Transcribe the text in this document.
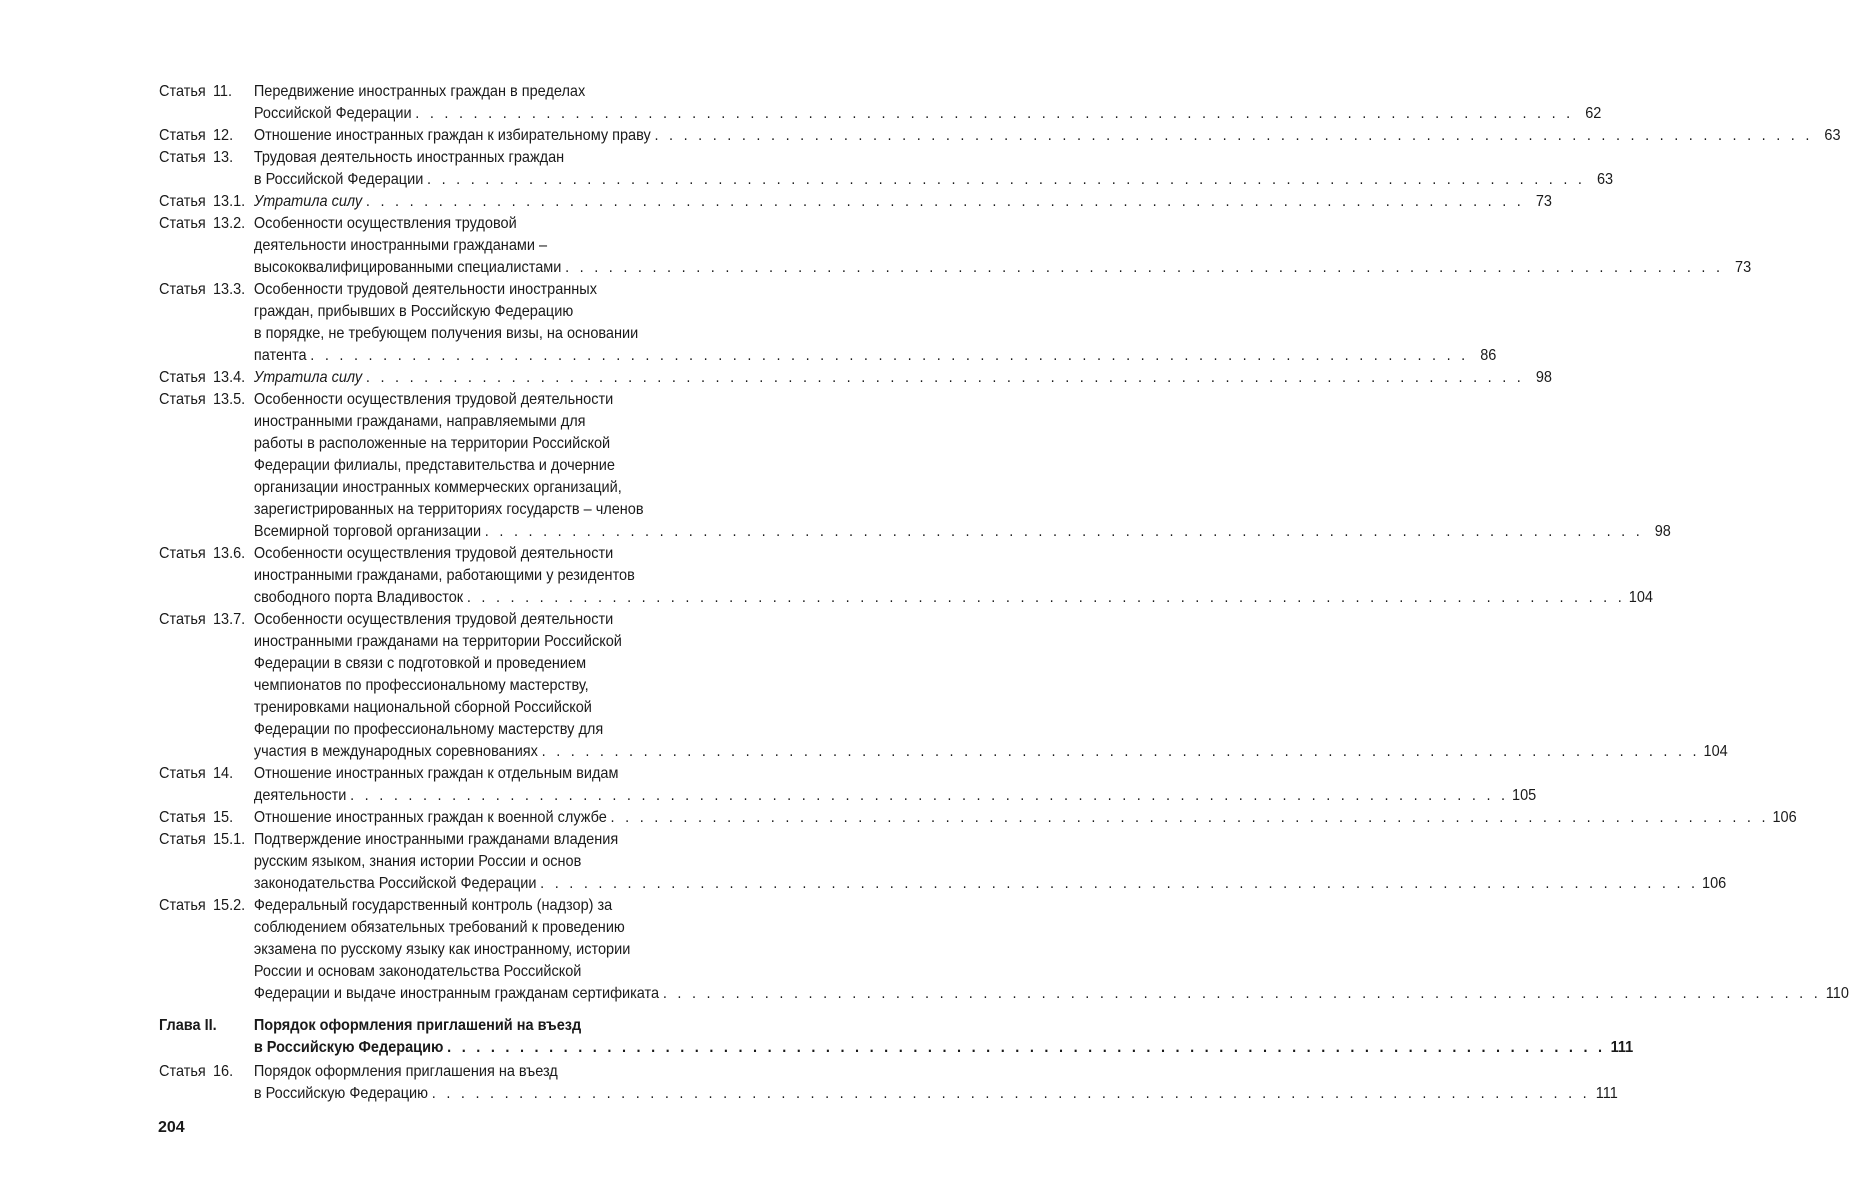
Статья 11.	Передвижение иностранных граждан в пределах
Российской Федерации . . . . . . . . . . . . . . . . . . . . . . . . . . . . . . . . . . . . . . . . . . . . . . . . . . . . . . . . . . . . . . . . . . . . . . . . . . . . . . . . 62
Статья 12.	Отношение иностранных граждан к избирательному праву . . . . . . . . . . . . . . . . . . . . . . . . . . . . . . . . . . . . . . . . . . . . . . . . . . . . . . . . . . . . . . . . . . . . . . . . . . . . . . . . 63
Статья 13.	Трудовая деятельность иностранных граждан
в Российской Федерации . . . . . . . . . . . . . . . . . . . . . . . . . . . . . . . . . . . . . . . . . . . . . . . . . . . . . . . . . . . . . . . . . . . . . . . . . . . . . . . . 63
Статья 13.1. Утратила силу . . . . . . . . . . . . . . . . . . . . . . . . . . . . . . . . . . . . . . . . . . . . . . . . . . . . . . . . . . . . . . . . . . . . . . . . . . . . . . . . 73
Статья 13.2. Особенности осуществления трудовой
деятельности иностранными гражданами –
высококвалифицированными специалистами . . . . . . . . . . . . . . . . . . . . . . . . . . . . . . . . . . . . . . . . . . . . . . . . . . . . . . . . . . . . . . . . . . . . . . . . . . . . . . . . 73
Статья 13.3. Особенности трудовой деятельности иностранных
граждан, прибывших в Российскую Федерацию
в порядке, не требующем получения визы, на основании
патента . . . . . . . . . . . . . . . . . . . . . . . . . . . . . . . . . . . . . . . . . . . . . . . . . . . . . . . . . . . . . . . . . . . . . . . . . . . . . . . . 86
Статья 13.4. Утратила силу . . . . . . . . . . . . . . . . . . . . . . . . . . . . . . . . . . . . . . . . . . . . . . . . . . . . . . . . . . . . . . . . . . . . . . . . . . . . . . . . 98
Статья 13.5. Особенности осуществления трудовой деятельности
иностранными гражданами, направляемыми для
работы в расположенные на территории Российской
Федерации филиалы, представительства и дочерние
организации иностранных коммерческих организаций,
зарегистрированных на территориях государств – членов
Всемирной торговой организации . . . . . . . . . . . . . . . . . . . . . . . . . . . . . . . . . . . . . . . . . . . . . . . . . . . . . . . . . . . . . . . . . . . . . . . . . . . . . . . . 98
Статья 13.6. Особенности осуществления трудовой деятельности
иностранными гражданами, работающими у резидентов
свободного порта Владивосток . . . . . . . . . . . . . . . . . . . . . . . . . . . . . . . . . . . . . . . . . . . . . . . . . . . . . . . . . . . . . . . . . . . . . . . . . . . . . . . . 104
Статья 13.7. Особенности осуществления трудовой деятельности
иностранными гражданами на территории Российской
Федерации в связи с подготовкой и проведением
чемпионатов по профессиональному мастерству,
тренировками национальной сборной Российской
Федерации по профессиональному мастерству для
участия в международных соревнованиях . . . . . . . . . . . . . . . . . . . . . . . . . . . . . . . . . . . . . . . . . . . . . . . . . . . . . . . . . . . . . . . . . . . . . . . . . . . . . . . . 104
Статья 14.	Отношение иностранных граждан к отдельным видам
деятельности . . . . . . . . . . . . . . . . . . . . . . . . . . . . . . . . . . . . . . . . . . . . . . . . . . . . . . . . . . . . . . . . . . . . . . . . . . . . . . . . 105
Статья 15.	Отношение иностранных граждан к военной службе . . . . . . . . . . . . . . . . . . . . . . . . . . . . . . . . . . . . . . . . . . . . . . . . . . . . . . . . . . . . . . . . . . . . . . . . . . . . . . . . 106
Статья 15.1. Подтверждение иностранными гражданами владения
русским языком, знания истории России и основ
законодательства Российской Федерации . . . . . . . . . . . . . . . . . . . . . . . . . . . . . . . . . . . . . . . . . . . . . . . . . . . . . . . . . . . . . . . . . . . . . . . . . . . . . . . . 106
Статья 15.2. Федеральный государственный контроль (надзор) за
соблюдением обязательных требований к проведению
экзамена по русскому языку как иностранному, истории
России и основам законодательства Российской
Федерации и выдаче иностранным гражданам сертификата . . . . . . . . . . . . . . . . . . . . . . . . . . . . . . . . . . . . . . . . . . . . . . . . . . . . . . . . . . . . . . . . . . . . . . . . . . . . . . . . 110
Глава II.	Порядок оформления приглашений на въезд
в Российскую Федерацию . . . . . . . . . . . . . . . . . . . . . . . . . . . . . . . . . . . . . . . . . . . . . . . . . . . . . . . . . . . . . . . . . . . . . . . . . . . . . . . . 111
Статья 16.	Порядок оформления приглашения на въезд
в Российскую Федерацию . . . . . . . . . . . . . . . . . . . . . . . . . . . . . . . . . . . . . . . . . . . . . . . . . . . . . . . . . . . . . . . . . . . . . . . . . . . . . . . . 111
204
